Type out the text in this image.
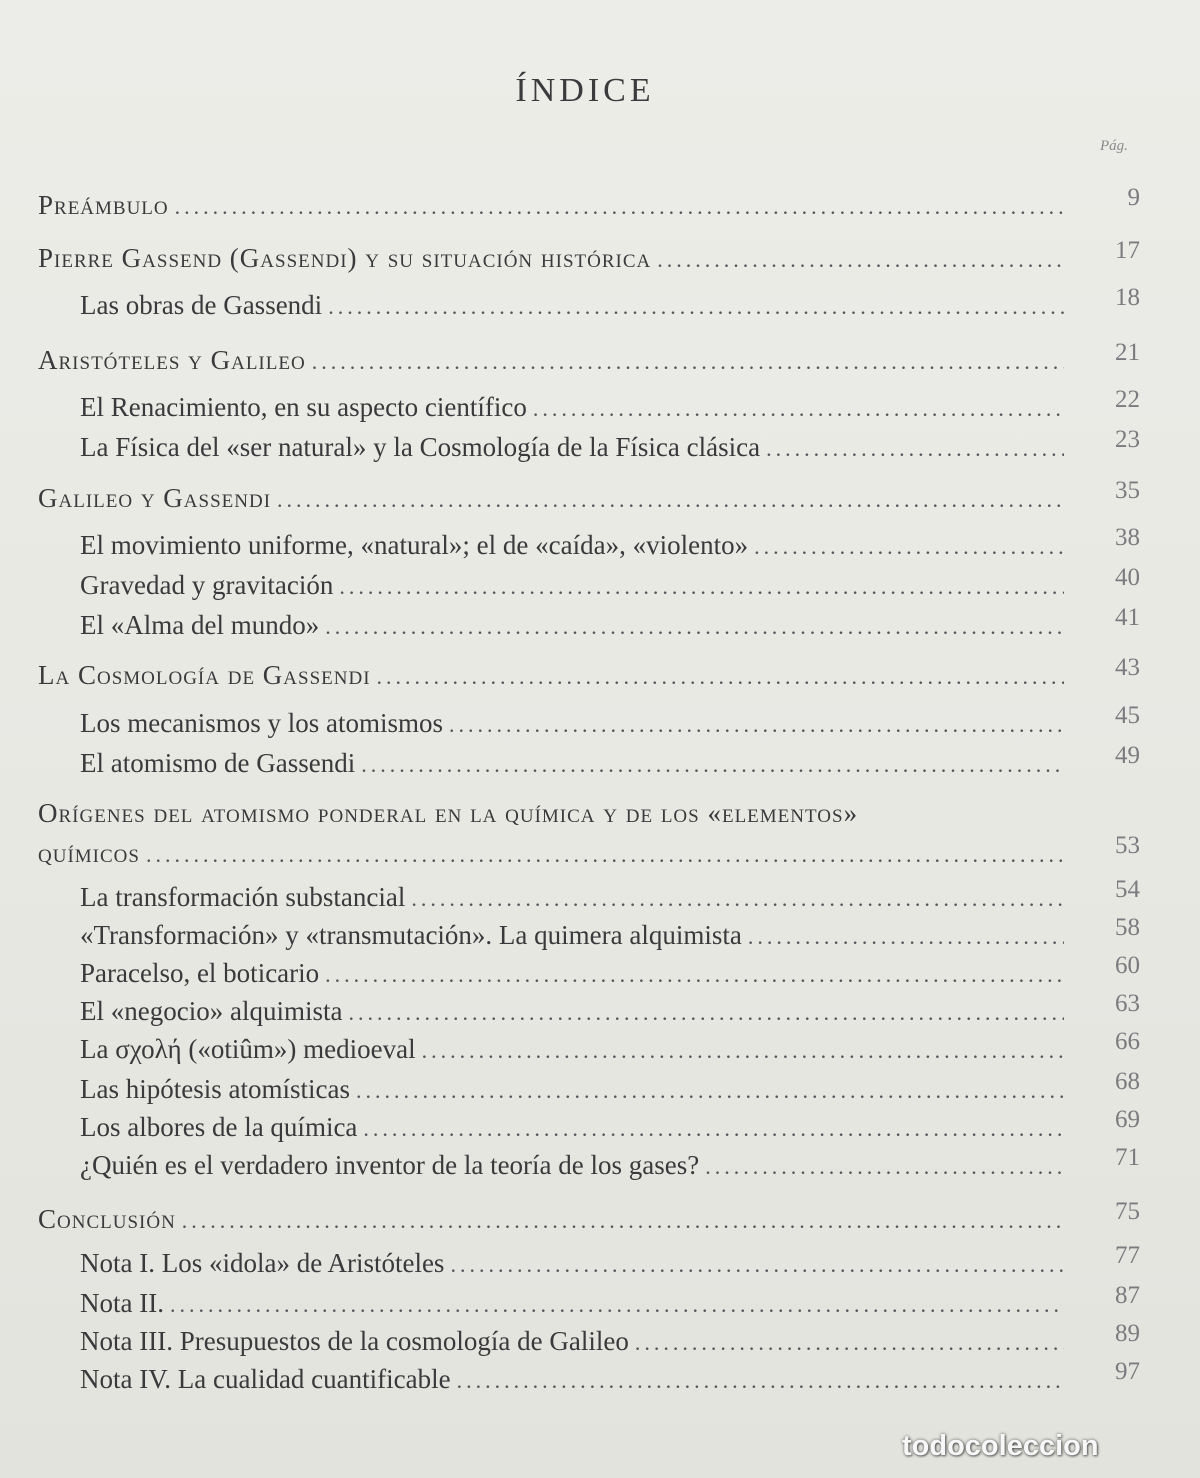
ÍNDICE
Pág.
Preámbulo .....	9
Pierre Gassend (Gassendi) y su situación histórica .....	17
Las obras de Gassendi .....	18
Aristóteles y Galileo .....	21
El Renacimiento, en su aspecto científico .....	22
La Física del «ser natural» y la Cosmología de la Física clásica .....	23
Galileo y Gassendi .....	35
El movimiento uniforme, «natural»; el de «caída», «violento» .....	38
Gravedad y gravitación .....	40
El «Alma del mundo» .....	41
La Cosmología de Gassendi .....	43
Los mecanismos y los atomismos .....	45
El atomismo de Gassendi .....	49
Orígenes del atomismo ponderal en la química y de los «elementos»
químicos .....	53
La transformación substancial .....	54
«Transformación» y «transmutación». La quimera alquimista .....	58
Paracelso, el boticario .....	60
El «negocio» alquimista .....	63
La σχολή («otiûm») medioeval .....	66
Las hipótesis atomísticas .....	68
Los albores de la química .....	69
¿Quién es el verdadero inventor de la teoría de los gases? .....	71
Conclusión .....	75
Nota I. Los «idola» de Aristóteles .....	77
Nota II. .....	87
Nota III. Presupuestos de la cosmología de Galileo .....	89
Nota IV. La cualidad cuantificable .....	97
todocoleccion
